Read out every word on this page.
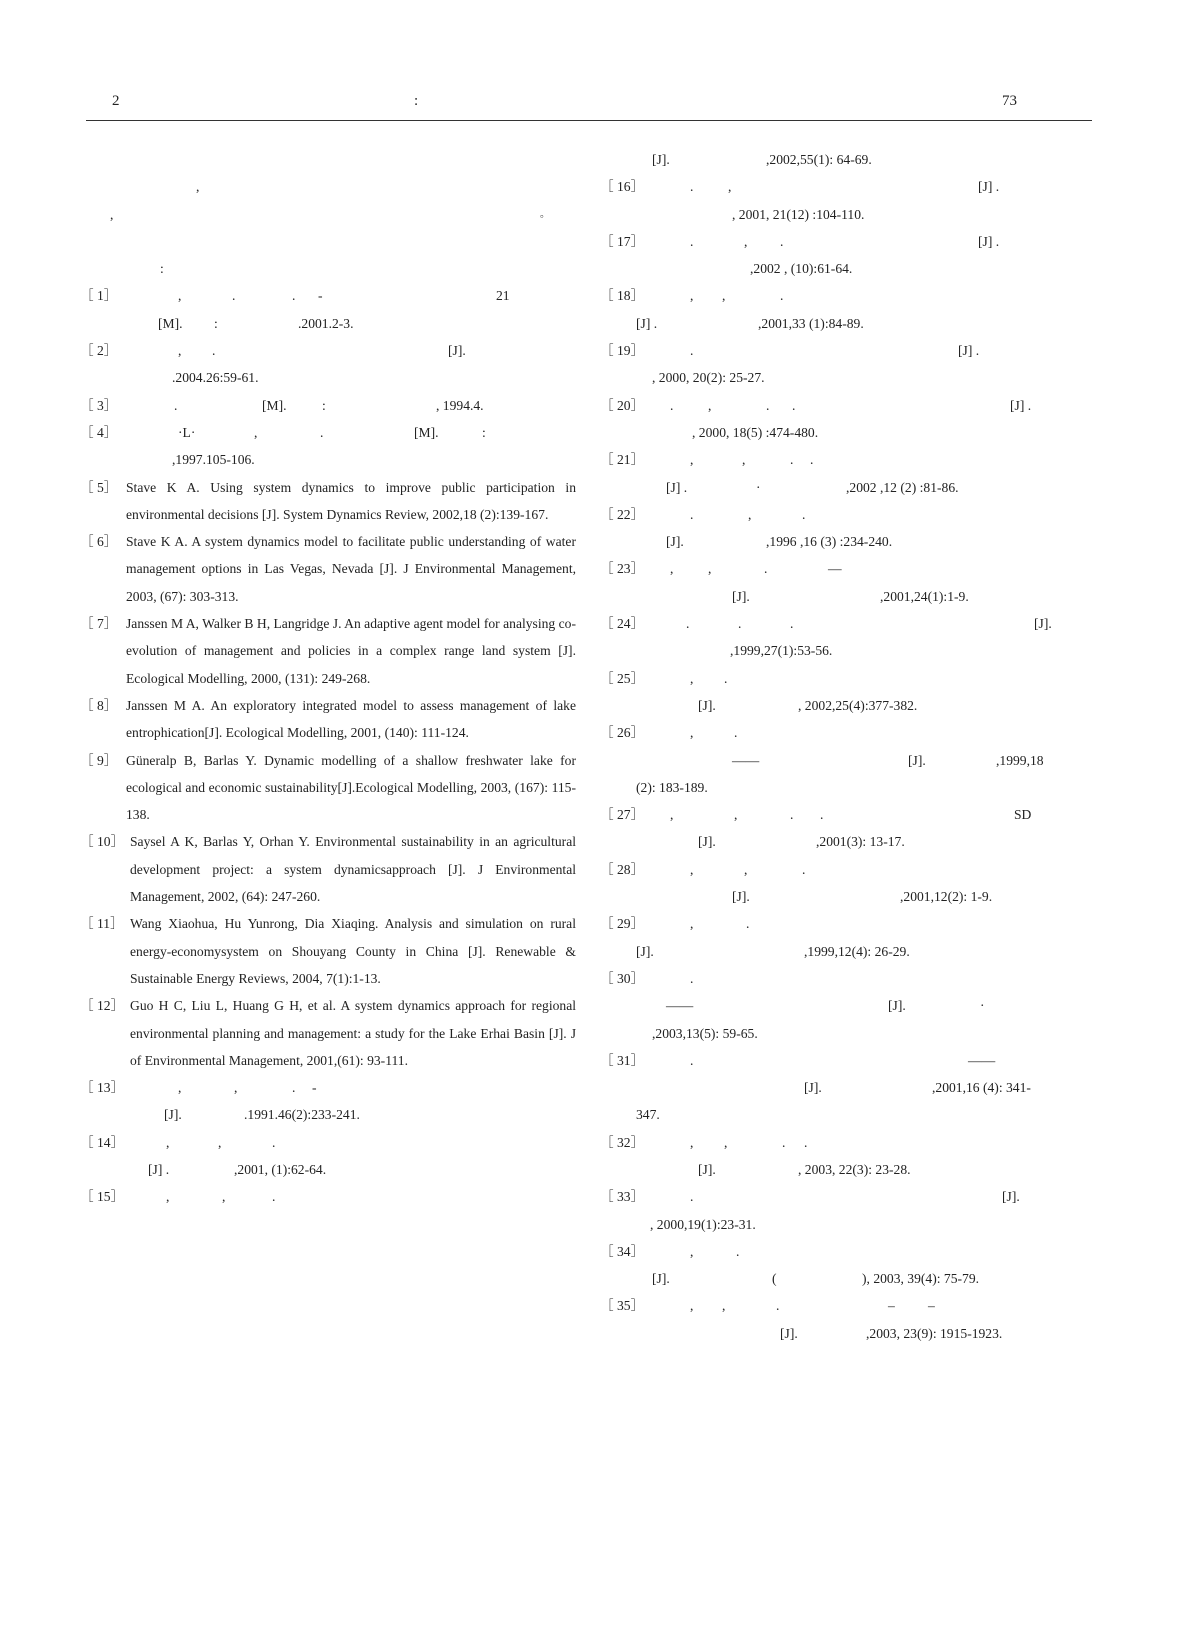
2	:	73
,
,	。
:
,	.	. -	21
［ 1］
[M]. :	.2001.2-3.
, .	[J].
［ 2］
.2004.26:59-61.
.	[M].	:	, 1994.4.
［ 3］
·L·	,	.	[M].	:
［ 4］
,1997.105-106.
［ 5］ Stave K A. Using system dynamics to improve public participation in environmental decisions [J]. System Dynamics Review, 2002,18 (2):139-167.
［ 6］ Stave K A. A system dynamics model to facilitate public understanding of water management options in Las Vegas, Nevada [J]. J Environmental Management, 2003, (67): 303-313.
［ 7］ Janssen M A, Walker B H, Langridge J. An adaptive agent model for analysing co-evolution of management and policies in a complex range land system [J]. Ecological Modelling, 2000, (131): 249-268.
［ 8］ Janssen M A. An exploratory integrated model to assess management of lake entrophication[J]. Ecological Modelling, 2001, (140): 111-124.
［ 9］ Güneralp B, Barlas Y. Dynamic modelling of a shallow freshwater lake for ecological and economic sustainability[J].Ecological Modelling, 2003, (167): 115-138.
［ 10］ Saysel A K, Barlas Y, Orhan Y. Environmental sustainability in an agricultural development project: a system dynamicsapproach [J]. J Environmental Management, 2002, (64): 247-260.
［ 11］ Wang Xiaohua, Hu Yunrong, Dia Xiaqing. Analysis and simulation on rural energy-economysystem on Shouyang County in China [J]. Renewable & Sustainable Energy Reviews, 2004, 7(1):1-13.
［ 12］ Guo H C, Liu L, Huang G H, et al. A system dynamics approach for regional environmental planning and management: a study for the Lake Erhai Basin [J]. J of Environmental Management, 2001,(61): 93-111.
,	,	. -
［ 13］
[J].	.1991.46(2):233-241.
,	,	.
［ 14］
[J] .	,2001, (1):62-64.
,	,	.
［ 15］
[J].	,2002,55(1): 64-69.
.	,	[J] .
［ 16］
, 2001, 21(12) :104-110.
.	, .	[J] .
［ 17］
,2002 , (10):61-64.
, ,	.
［ 18］
[J] .	,2001,33 (1):84-89.
.	[J] .
［ 19］
, 2000, 20(2): 25-27.
.	,	. .	[J] .
［ 20］
, 2000, 18(5) :474-480.
,	,	. .
［ 21］
[J] .	·	,2002 ,12 (2) :81-86.
.	,	.
［ 22］
[J].	,1996 ,16 (3) :234-240.
,	,	.	—
［ 23］
[J].	,2001,24(1):1-9.
.	.	.	[J].
［ 24］
,1999,27(1):53-56.
, .
［ 25］
[J].	, 2002,25(4):377-382.
,	.
［ 26］
——	[J].	,1999,18
(2): 183-189.
,	,	. .	SD
［ 27］
[J].	,2001(3): 13-17.
,	,	.
［ 28］
[J].	,2001,12(2): 1-9.
,	.
［ 29］
[J].	,1999,12(4): 26-29.
.
［ 30］
——	[J].	·
,2003,13(5): 59-65.
.	——
［ 31］
[J].	,2001,16 (4): 341-
347.
, ,	. .
［ 32］
[J].	, 2003, 22(3): 23-28.
.	[J].
［ 33］
, 2000,19(1):23-31.
,	.
［ 34］
[J].	(	), 2003, 39(4): 75-79.
, ,	.	– –
［ 35］
[J].	,2003, 23(9): 1915-1923.
